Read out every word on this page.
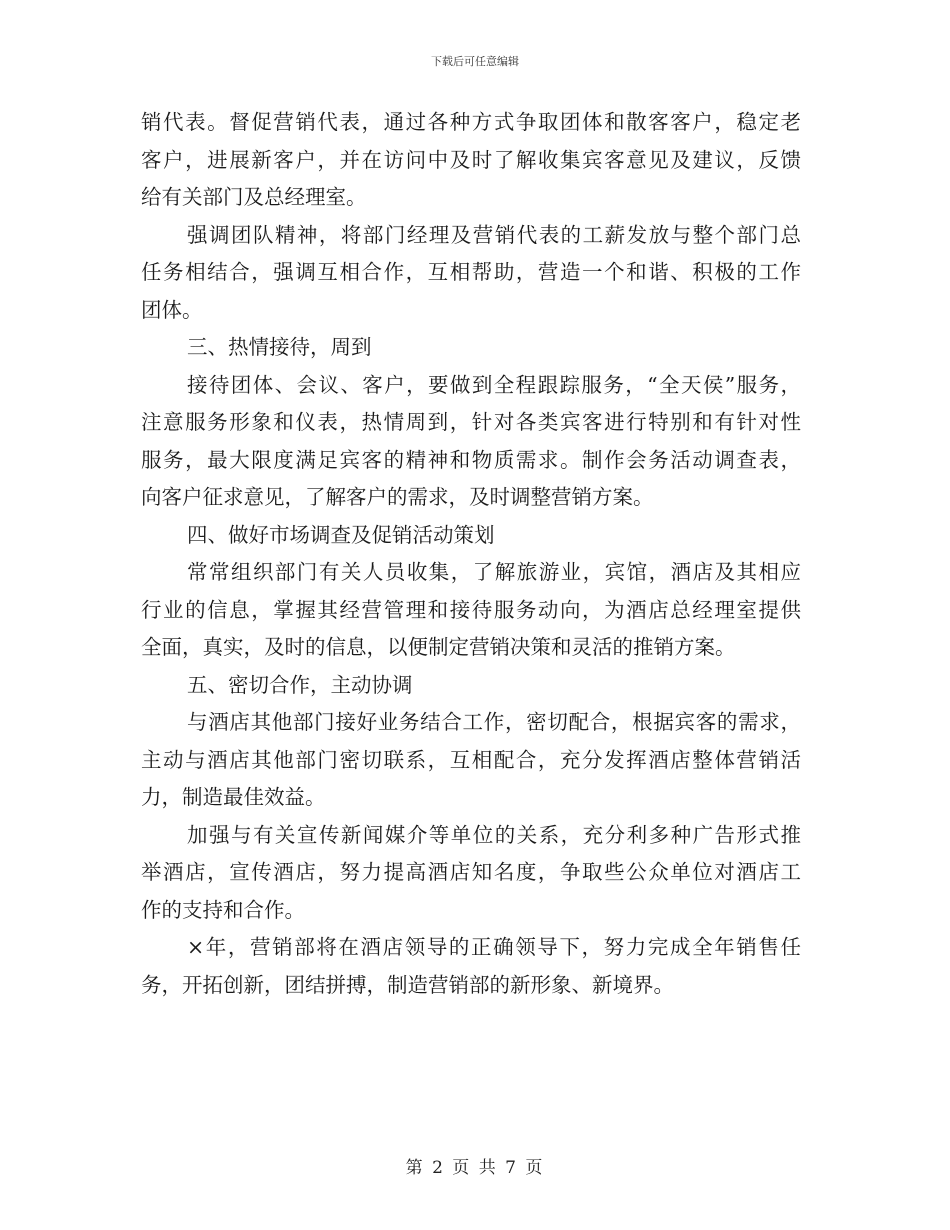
下载后可任意编辑
销代表。督促营销代表，通过各种方式争取团体和散客客户，稳定老
客户，进展新客户，并在访问中及时了解收集宾客意见及建议，反馈
给有关部门及总经理室。
强调团队精神，将部门经理及营销代表的工薪发放与整个部门总
任务相结合，强调互相合作，互相帮助，营造一个和谐、积极的工作
团体。
三、热情接待，周到
接待团体、会议、客户，要做到全程跟踪服务，“全天侯”服务，
注意服务形象和仪表，热情周到，针对各类宾客进行特别和有针对性
服务，最大限度满足宾客的精神和物质需求。制作会务活动调查表，
向客户征求意见，了解客户的需求，及时调整营销方案。
四、做好市场调查及促销活动策划
常常组织部门有关人员收集，了解旅游业，宾馆，酒店及其相应
行业的信息，掌握其经营管理和接待服务动向，为酒店总经理室提供
全面，真实，及时的信息，以便制定营销决策和灵活的推销方案。
五、密切合作，主动协调
与酒店其他部门接好业务结合工作，密切配合，根据宾客的需求，
主动与酒店其他部门密切联系，互相配合，充分发挥酒店整体营销活
力，制造最佳效益。
加强与有关宣传新闻媒介等单位的关系，充分利多种广告形式推
举酒店，宣传酒店，努力提高酒店知名度，争取些公众单位对酒店工
作的支持和合作。
×年，营销部将在酒店领导的正确领导下，努力完成全年销售任
务，开拓创新，团结拼搏，制造营销部的新形象、新境界。
第 2 页 共 7 页
